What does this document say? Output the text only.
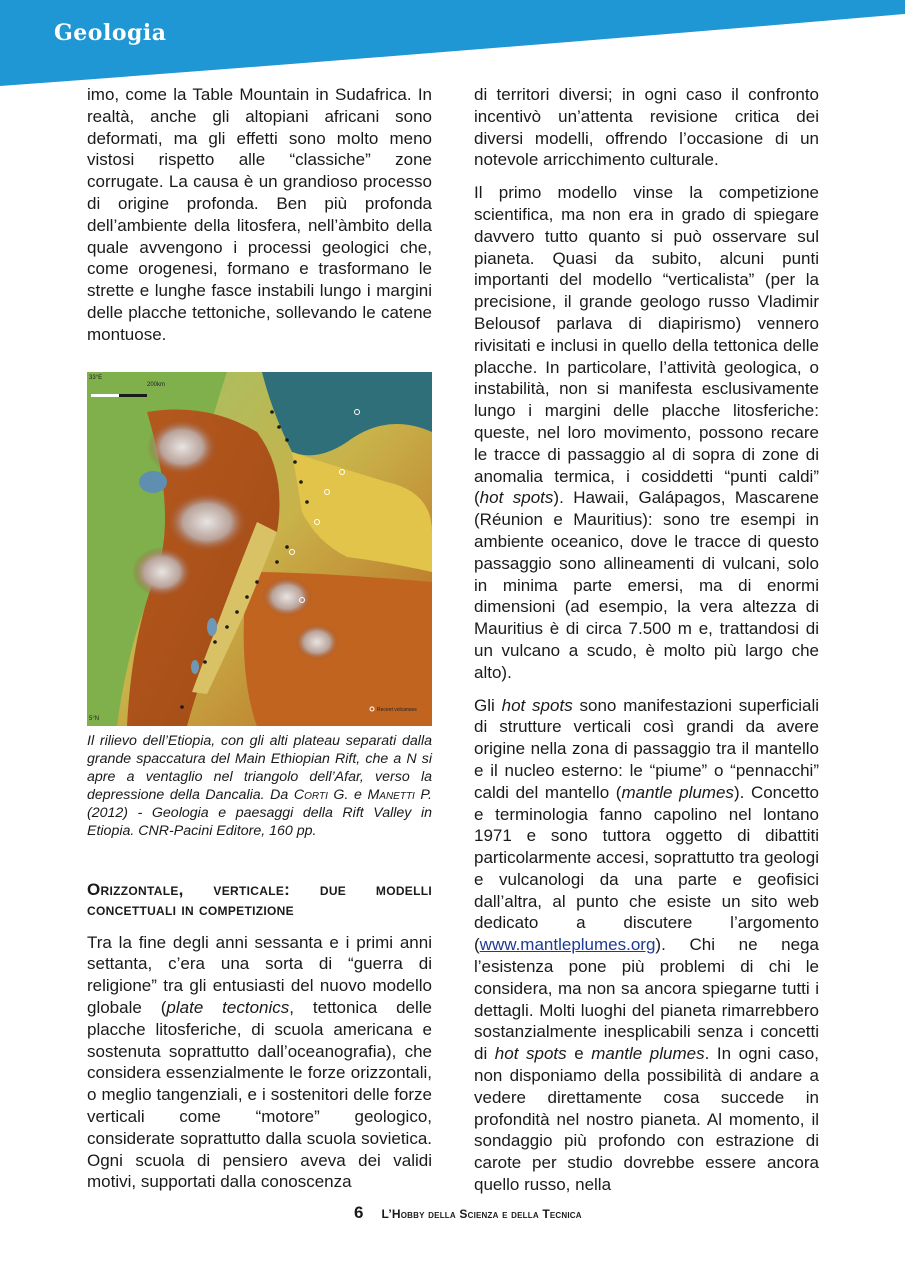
Geologia

imo, come la Table Mountain in Sudafrica. In realtà, anche gli altopiani africani sono deformati, ma gli effetti sono molto meno vistosi rispetto alle “classiche” zone corrugate. La causa è un grandioso processo di origine profonda. Ben più profonda dell’ambiente della litosfera, nell’àmbito della quale avvengono i processi geologici che, come orogenesi, formano e trasformano le strette e lunghe fasce instabili lungo i margini delle placche tettoniche, sollevando le catene montuose.

200km
33°E
5°N
Recent volcanoes
Il rilievo dell’Etiopia, con gli alti plateau separati dalla grande spaccatura del Main Ethiopian Rift, che a N si apre a ventaglio nel triangolo dell’Afar, verso la depressione della Dancalia. Da Corti G. e Manetti P. (2012) - Geologia e paesaggi della Rift Valley in Etiopia. CNR-Pacini Editore, 160 pp.
Orizzontale, verticale: due modelli concettuali in competizione

Tra la fine degli anni sessanta e i primi anni settanta, c’era una sorta di “guerra di religione” tra gli entusiasti del nuovo modello globale (plate tectonics, tettonica delle placche litosferiche, di scuola americana e sostenuta soprattutto dall’oceanografia), che considera essenzialmente le forze orizzontali, o meglio tangenziali, e i sostenitori delle forze verticali come “motore” geologico, considerate soprattutto dalla scuola sovietica. Ogni scuola di pensiero aveva dei validi motivi, supportati dalla conoscenza

di territori diversi; in ogni caso il confronto incentivò un’attenta revisione critica dei diversi modelli, offrendo l’occasione di un notevole arricchimento culturale.

Il primo modello vinse la competizione scientifica, ma non era in grado di spiegare davvero tutto quanto si può osservare sul pianeta. Quasi da subito, alcuni punti importanti del modello “verticalista” (per la precisione, il grande geologo russo Vladimir Belousof parlava di diapirismo) vennero rivisitati e inclusi in quello della tettonica delle placche. In particolare, l’attività geologica, o instabilità, non si manifesta esclusivamente lungo i margini delle placche litosferiche: queste, nel loro movimento, possono recare le tracce di passaggio al di sopra di zone di anomalia termica, i cosiddetti “punti caldi” (hot spots). Hawaii, Galápagos, Mascarene (Réunion e Mauritius): sono tre esempi in ambiente oceanico, dove le tracce di questo passaggio sono allineamenti di vulcani, solo in minima parte emersi, ma di enormi dimensioni (ad esempio, la vera altezza di Mauritius è di circa 7.500 m e, trattandosi di un vulcano a scudo, è molto più largo che alto).

Gli hot spots sono manifestazioni superficiali di strutture verticali così grandi da avere origine nella zona di passaggio tra il mantello e il nucleo esterno: le “piume” o “pennacchi” caldi del mantello (mantle plumes). Concetto e terminologia fanno capolino nel lontano 1971 e sono tuttora oggetto di dibattiti particolarmente accesi, soprattutto tra geologi e vulcanologi da una parte e geofisici dall’altra, al punto che esiste un sito web dedicato a discutere l’argomento (www.mantleplumes.org). Chi ne nega l’esistenza pone più problemi di chi le considera, ma non sa ancora spiegarne tutti i dettagli. Molti luoghi del pianeta rimarrebbero sostanzialmente inesplicabili senza i concetti di hot spots e mantle plumes. In ogni caso, non disponiamo della possibilità di andare a vedere direttamente cosa succede in profondità nel nostro pianeta. Al momento, il sondaggio più profondo con estrazione di carote per studio dovrebbe essere ancora quello russo, nella

6 L’Hobby della Scienza e della Tecnica
